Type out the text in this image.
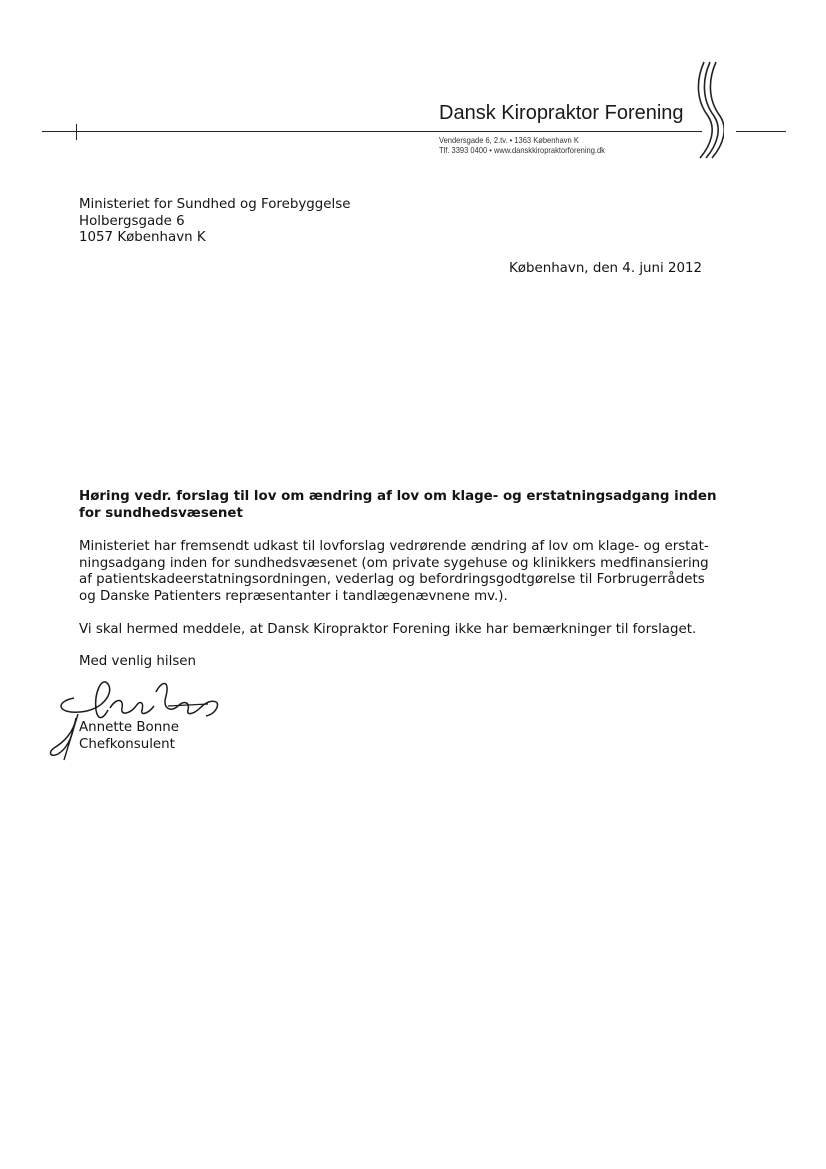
Dansk Kiropraktor Forening
Vendersgade 6, 2.tv. • 1363 København K
Tlf. 3393 0400 • www.danskkiropraktorforening.dk
Ministeriet for Sundhed og Forebyggelse
Holbergsgade 6
1057 København K
København, den 4. juni 2012
Høring vedr. forslag til lov om ændring af lov om klage- og erstatningsadgang inden
for sundhedsvæsenet
Ministeriet har fremsendt udkast til lovforslag vedrørende ændring af lov om klage- og erstat-
ningsadgang inden for sundhedsvæsenet (om private sygehuse og klinikkers medfinansiering
af patientskadeerstatningsordningen, vederlag og befordringsgodtgørelse til Forbrugerrådets
og Danske Patienters repræsentanter i tandlægenævnene mv.).
Vi skal hermed meddele, at Dansk Kiropraktor Forening ikke har bemærkninger til forslaget.
Med venlig hilsen
Annette Bonne
Chefkonsulent
